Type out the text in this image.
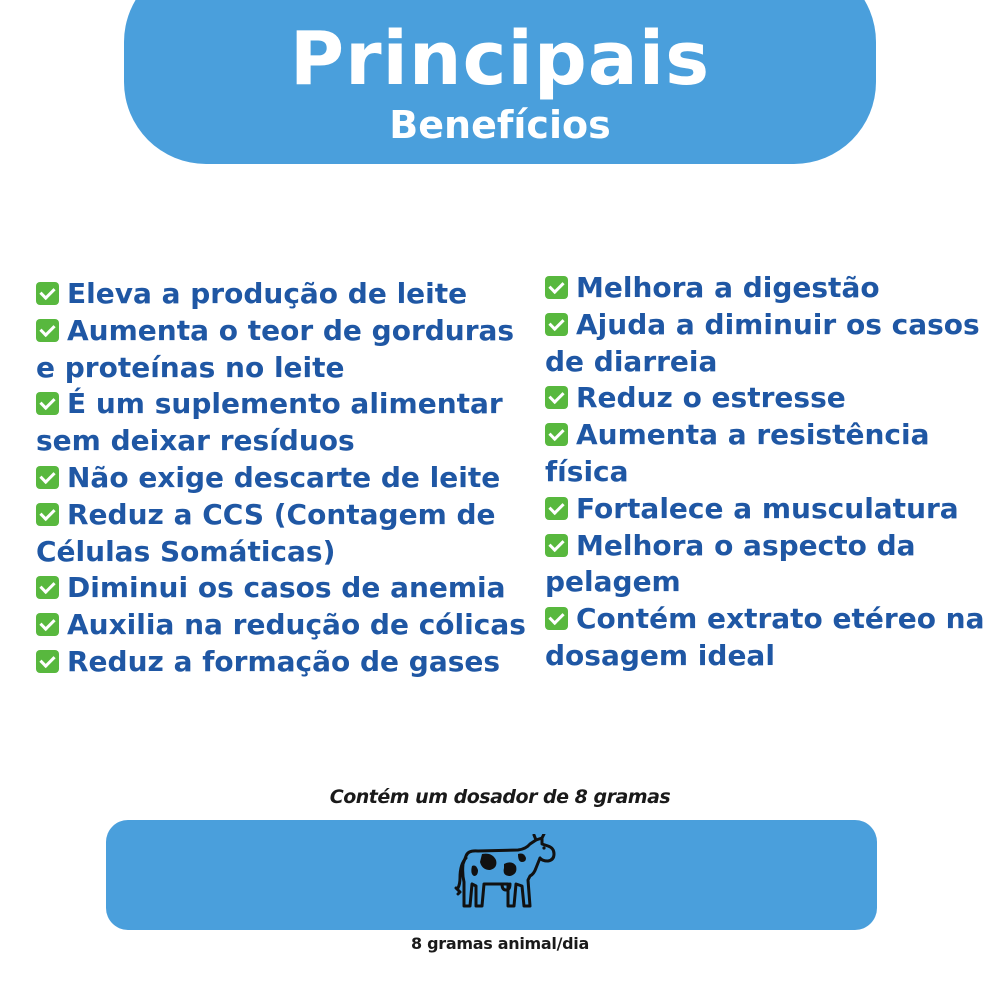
Principais
Benefícios
Eleva a produção de leite
Aumenta o teor de gorduras e proteínas no leite
É um suplemento alimentar sem deixar resíduos
Não exige descarte de leite
Reduz a CCS (Contagem de Células Somáticas)
Diminui os casos de anemia
Auxilia na redução de cólicas
Reduz a formação de gases
Melhora a digestão
Ajuda a diminuir os casos de diarreia
Reduz o estresse
Aumenta a resistência física
Fortalece a musculatura
Melhora o aspecto da pelagem
Contém extrato etéreo na dosagem ideal
Contém um dosador de 8 gramas
8 gramas animal/dia
